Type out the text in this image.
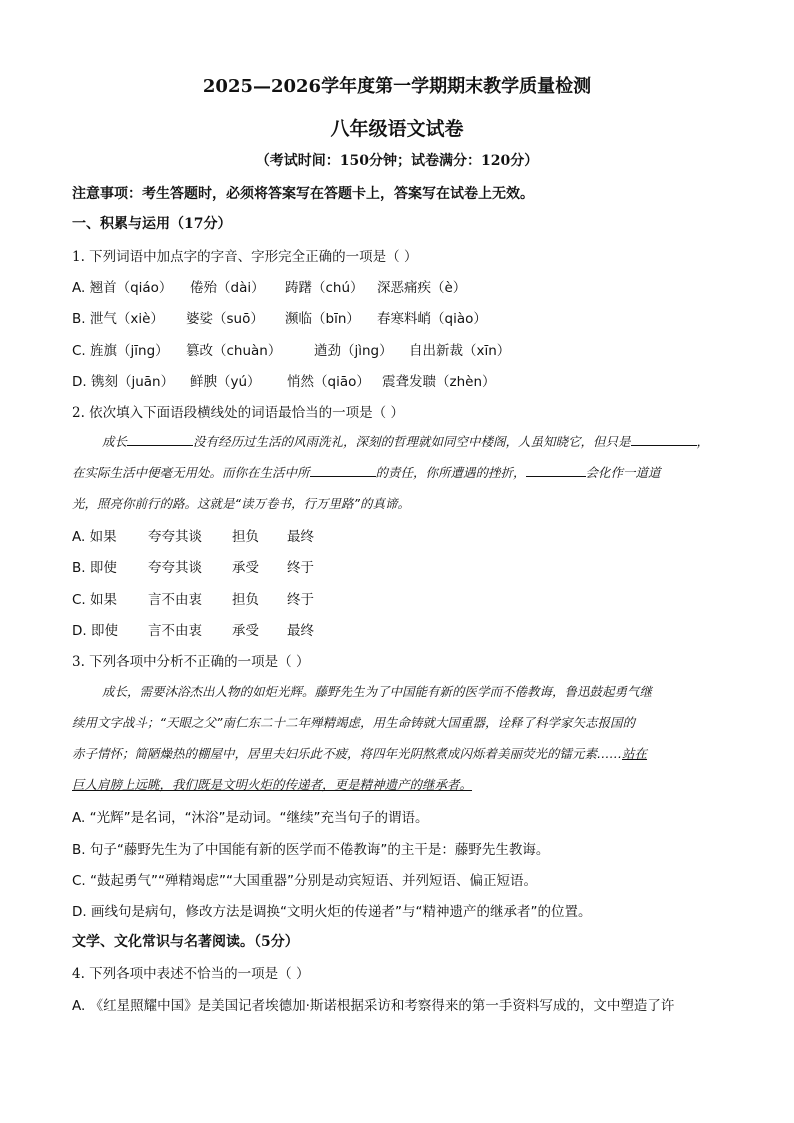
2025—2026学年度第一学期期末教学质量检测
八年级语文试卷
（考试时间：150分钟；试卷满分：120分）
注意事项：考生答题时，必须将答案写在答题卡上，答案写在试卷上无效。
一、积累与运用（17分）
1. 下列词语中加点字的字音、字形完全正确的一项是（ ）
A. 翘首（qiáo） 倦殆（dài） 踌躇（chú） 深恶痛疾（è）
B. 泄气（xiè） 婆娑（suō） 濒临（bīn） 春寒料峭（qiào）
C. 旌旗（jīng） 篡改（chuàn） 遒劲（jìng） 自出新裁（xīn）
D. 镌刻（juān） 鲜腴（yú） 悄然（qiāo） 震聋发聩（zhèn）
2. 依次填入下面语段横线处的词语最恰当的一项是（ ）
成长	没有经历过生活的风雨洗礼，深刻的哲理就如同空中楼阁，人虽知晓它，但只是	，
在实际生活中便毫无用处。而你在生活中所	的责任，你所遭遇的挫折，	会化作一道道
光，照亮你前行的路。这就是“读万卷书，行万里路”的真谛。
A. 如果 夸夸其谈 担负 最终
B. 即使 夸夸其谈 承受 终于
C. 如果 言不由衷 担负 终于
D. 即使 言不由衷 承受 最终
3. 下列各项中分析不正确的一项是（ ）
成长，需要沐浴杰出人物的如炬光辉。藤野先生为了中国能有新的医学而不倦教诲，鲁迅鼓起勇气继
续用文字战斗；“天眼之父”南仁东二十二年殚精竭虑，用生命铸就大国重器，诠释了科学家矢志报国的
赤子情怀；简陋燥热的棚屋中，居里夫妇乐此不疲，将四年光阴熬煮成闪烁着美丽荧光的镭元素……站在
巨人肩膀上远眺，我们既是文明火炬的传递者，更是精神遗产的继承者。
A. “光辉”是名词，“沐浴”是动词。“继续”充当句子的谓语。
B. 句子“藤野先生为了中国能有新的医学而不倦教诲”的主干是：藤野先生教诲。
C. “鼓起勇气”“殚精竭虑”“大国重器”分别是动宾短语、并列短语、偏正短语。
D. 画线句是病句，修改方法是调换“文明火炬的传递者”与“精神遗产的继承者”的位置。
文学、文化常识与名著阅读。（5分）
4. 下列各项中表述不恰当的一项是（ ）
A. 《红星照耀中国》是美国记者埃德加·斯诺根据采访和考察得来的第一手资料写成的，文中塑造了许
